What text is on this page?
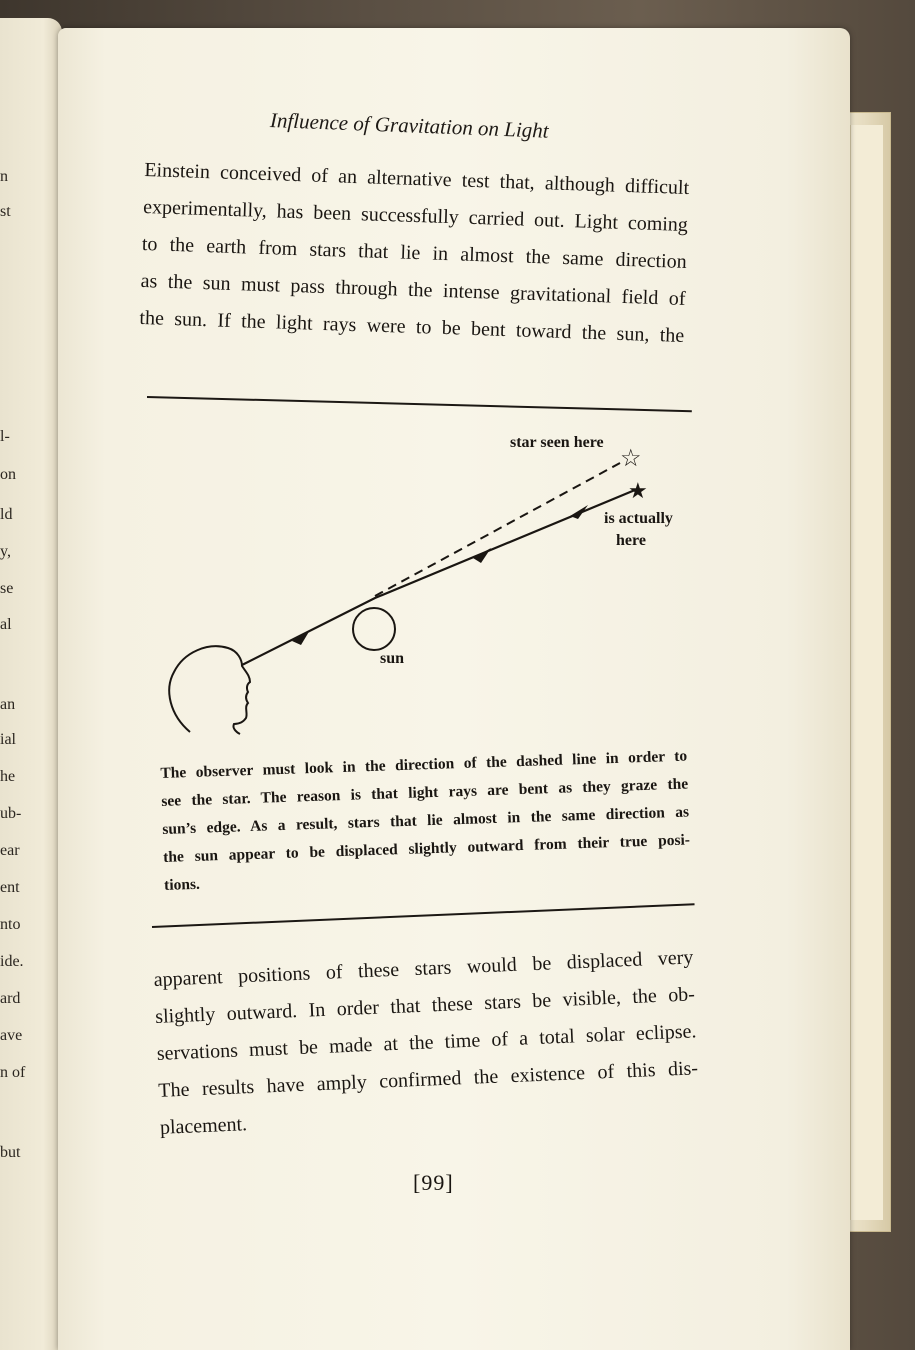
n
st
l-
on
ld
y,
se
al
an
ial
he
ub-
ear
ent
nto
ide.
ard
ave
n of
but
Influence of Gravitation on Light

Einstein conceived of an alternative test that, although difficult
experimentally, has been successfully carried out. Light coming
to the earth from stars that lie in almost the same direction
as the sun must pass through the intense gravitational field of
the sun. If the light rays were to be bent toward the sun, the

☆
★
star seen here
is actually
here
sun
The observer must look in the direction of the dashed line in order to
see the star. The reason is that light rays are bent as they graze the
sun’s edge. As a result, stars that lie almost in the same direction as
the sun appear to be displaced slightly outward from their true posi-
tions.

apparent positions of these stars would be displaced very
slightly outward. In order that these stars be visible, the ob-
servations must be made at the time of a total solar eclipse.
The results have amply confirmed the existence of this dis-
placement.

[99]
